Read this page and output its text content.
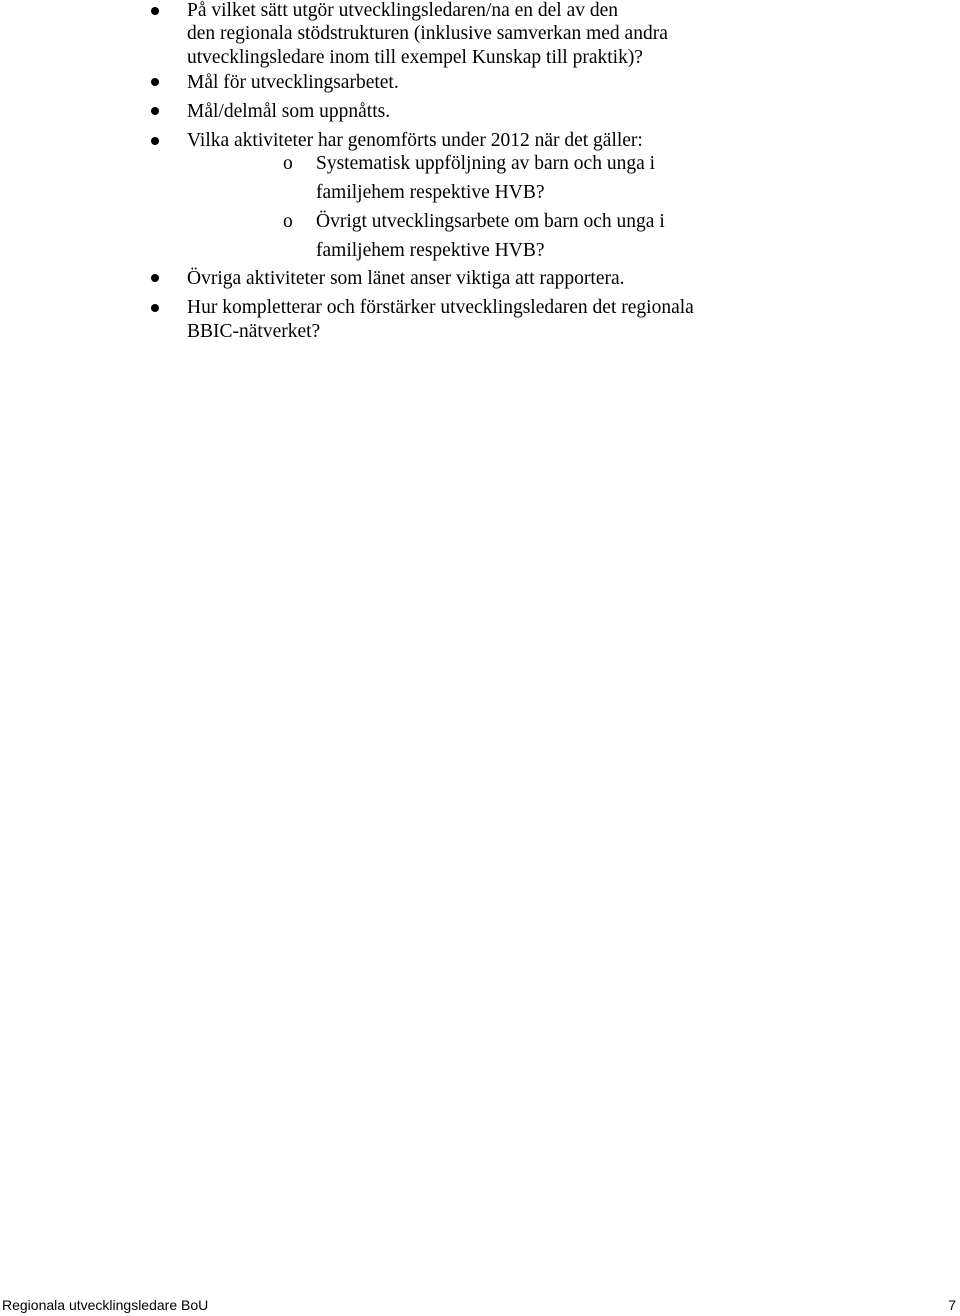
På vilket sätt utgör utvecklingsledaren/na en del av den
den regionala stödstrukturen (inklusive samverkan med andra
utvecklingsledare inom till exempel Kunskap till praktik)?
Mål för utvecklingsarbetet.
Mål/delmål som uppnåtts.
Vilka aktiviteter har genomförts under 2012 när det gäller:
o Systematisk uppföljning av barn och unga i
familjehem respektive HVB?
o Övrigt utvecklingsarbete om barn och unga i
familjehem respektive HVB?
Övriga aktiviteter som länet anser viktiga att rapportera.
Hur kompletterar och förstärker utvecklingsledaren det regionala
BBIC-nätverket?
Regionala utvecklingsledare BoU	7
